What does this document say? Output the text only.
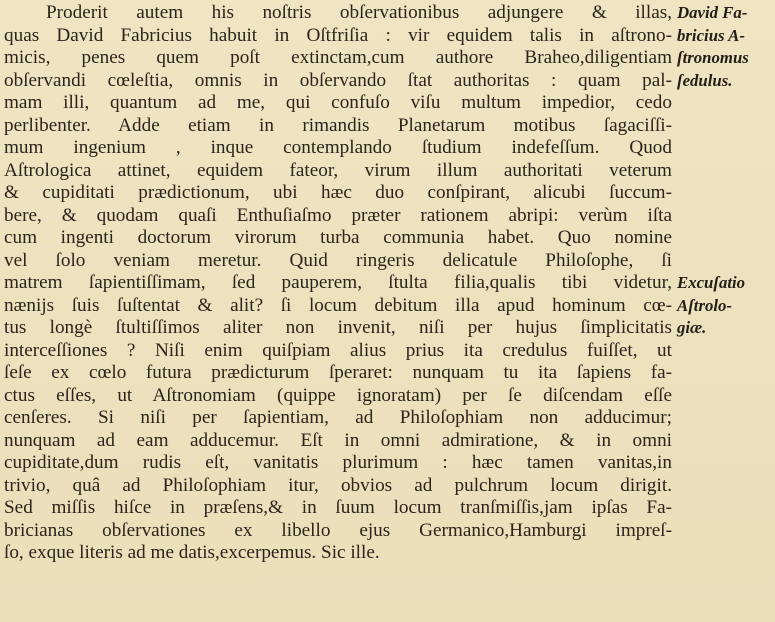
Proderit autem his noſtris obſervationibus adjungere & illas,
quas David Fabricius habuit in Oſtfriſia : vir equidem talis in aſtrono-
micis, penes quem poſt extinctam,cum authore Braheo,diligentiam
obſervandi cœleſtia, omnis in obſervando ſtat authoritas : quam pal-
mam illi, quantum ad me, qui confuſo viſu multum impedior, cedo
perlibenter. Adde etiam in rimandis Planetarum motibus ſagaciſſi-
mum ingenium , inque contemplando ſtudium indefeſſum. Quod
Aſtrologica attinet, equidem fateor, virum illum authoritati veterum
& cupiditati prædictionum, ubi hæc duo conſpirant, alicubi ſuccum-
bere, & quodam quaſi Enthuſiaſmo præter rationem abripi: verùm iſta
cum ingenti doctorum virorum turba communia habet. Quo nomine
vel ſolo veniam meretur. Quid ringeris delicatule Philoſophe, ſi
matrem ſapientiſſimam, ſed pauperem, ſtulta filia,qualis tibi videtur,
nænijs ſuis ſuſtentat & alit? ſi locum debitum illa apud hominum cœ-
tus longè ſtultiſſimos aliter non invenit, niſi per hujus ſimplicitatis
interceſſiones ? Niſi enim quiſpiam alius prius ita credulus fuiſſet, ut
ſeſe ex cœlo futura prædicturum ſperaret: nunquam tu ita ſapiens fa-
ctus eſſes, ut Aſtronomiam (quippe ignoratam) per ſe diſcendam eſſe
cenſeres. Si niſi per ſapientiam, ad Philoſophiam non adducimur;
nunquam ad eam adducemur. Eſt in omni admiratione, & in omni
cupiditate,dum rudis eſt, vanitatis plurimum : hæc tamen vanitas,in
trivio, quâ ad Philoſophiam itur, obvios ad pulchrum locum dirigit.
Sed miſſis hiſce in præſens,& in ſuum locum tranſmiſſis,jam ipſas Fa-
bricianas obſervationes ex libello ejus Germanico,Hamburgi impreſ-
ſo, exque literis ad me datis,excerpemus. Sic ille.
David Fa-
bricius A-
ſtronomus
ſedulus.
Excuſatio
Aſtrolo-
giæ.
